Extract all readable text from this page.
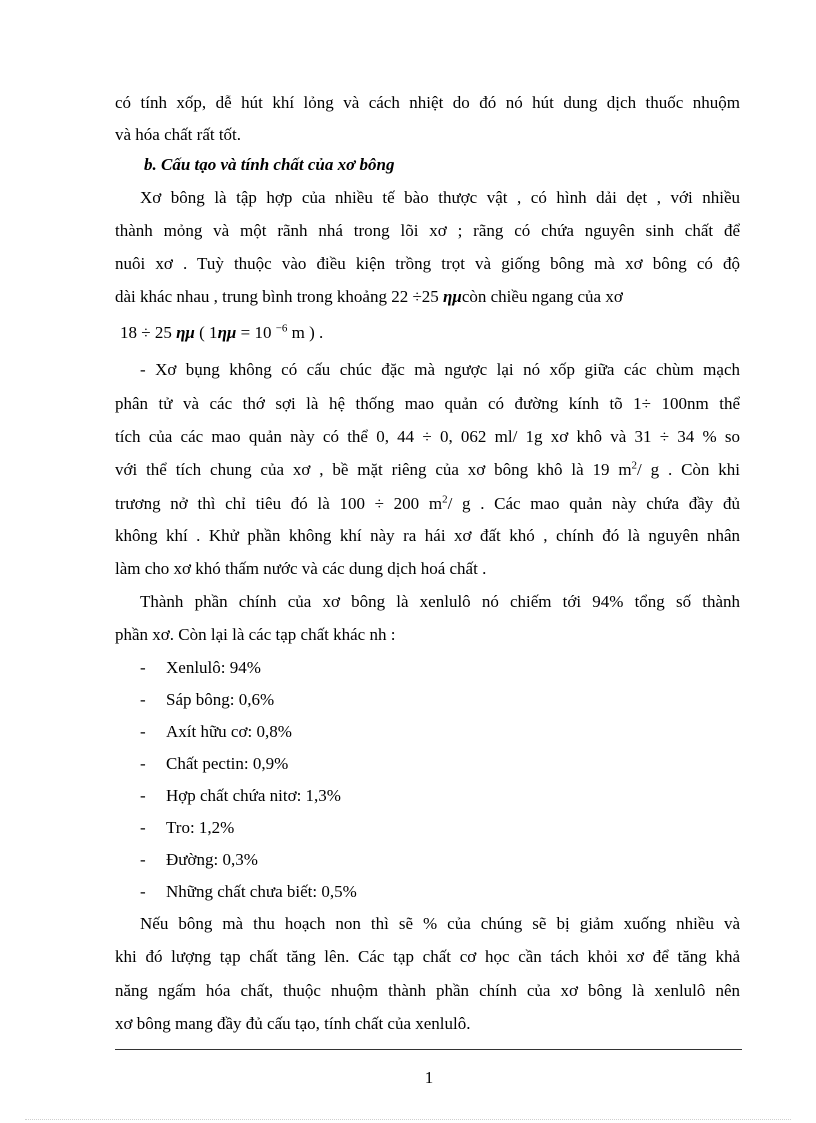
có tính xốp, dễ hút khí lỏng và cách nhiệt do đó nó hút dung dịch thuốc nhuộm
và hóa chất rất tốt.
b. Cấu tạo và tính chất của xơ bông
Xơ bông là tập hợp của nhiều tế bào thược vật , có hình dải dẹt , với nhiều
thành mỏng và một rãnh nhá trong lõi xơ ; rãng có chứa nguyên sinh chất để
nuôi xơ . Tuỳ thuộc vào điều kiện trồng trọt và giống bông mà xơ bông có độ
dài khác nhau , trung bình trong khoảng 22 ÷25 ημcòn chiều ngang của xơ
18 ÷ 25 ημ ( 1ημ = 10 $^{-6}$ m ) .
- Xơ bụng không có cấu chúc đặc mà ngược lại nó xốp giữa các chùm mạch
phân tử và các thớ sợi là hệ thống mao quản có đường kính tõ 1÷ 100nm thể
tích của các mao quản này có thể 0, 44 ÷ 0, 062 ml/ 1g xơ khô và 31 ÷ 34 % so
với thể tích chung của xơ , bề mặt riêng của xơ bông khô là 19 $m^2/$ g . Còn khi
trương nở thì chỉ tiêu đó là 100 ÷ 200 $m^2/$ g . Các mao quản này chứa đầy đủ
không khí . Khử phần không khí này ra hái xơ đất khó , chính đó là nguyên nhân
làm cho xơ khó thấm nước và các dung dịch hoá chất .
Thành phần chính của xơ bông là xenlulô nó chiếm tới 94% tổng số thành
phần xơ. Còn lại là các tạp chất khác nh :
- Xenlulô: 94%
- Sáp bông: 0,6%
- Axít hữu cơ: 0,8%
- Chất pectin: 0,9%
- Hợp chất chứa nitơ: 1,3%
- Tro: 1,2%
- Đường: 0,3%
- Những chất chưa biết: 0,5%
Nếu bông mà thu hoạch non thì sẽ % của chúng sẽ bị giảm xuống nhiều và
khi đó lượng tạp chất tăng lên. Các tạp chất cơ học cần tách khỏi xơ để tăng khả
năng ngấm hóa chất, thuộc nhuộm thành phần chính của xơ bông là xenlulô nên
xơ bông mang đầy đủ cấu tạo, tính chất của xenlulô.
1
